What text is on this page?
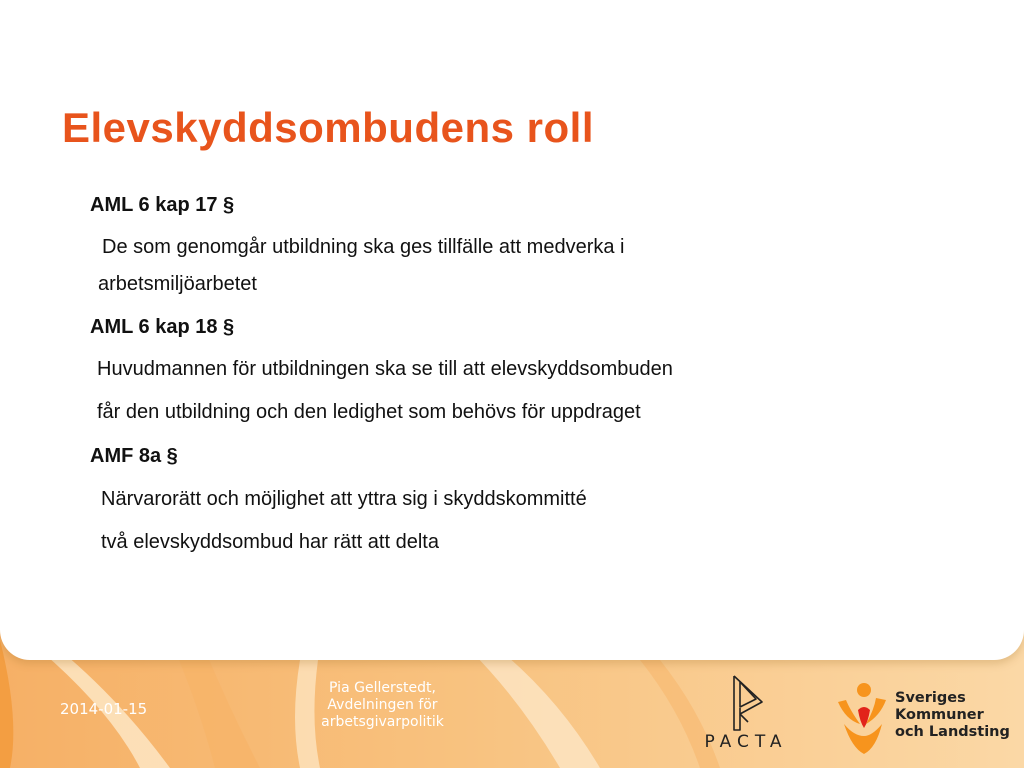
Elevskyddsombudens roll
AML 6 kap 17 §
De som genomgår utbildning ska ges tillfälle att medverka i
arbetsmiljöarbetet
AML 6 kap 18 §
Huvudmannen för utbildningen ska se till att elevskyddsombuden
får den utbildning och den ledighet som behövs för uppdraget
AMF 8a §
Närvarorätt och möjlighet att yttra sig i skyddskommitté
två elevskyddsombud har rätt att delta
2014-01-15
Pia Gellerstedt,
Avdelningen för
arbetsgivarpolitik
PACTA
Sveriges
Kommuner
och Landsting
